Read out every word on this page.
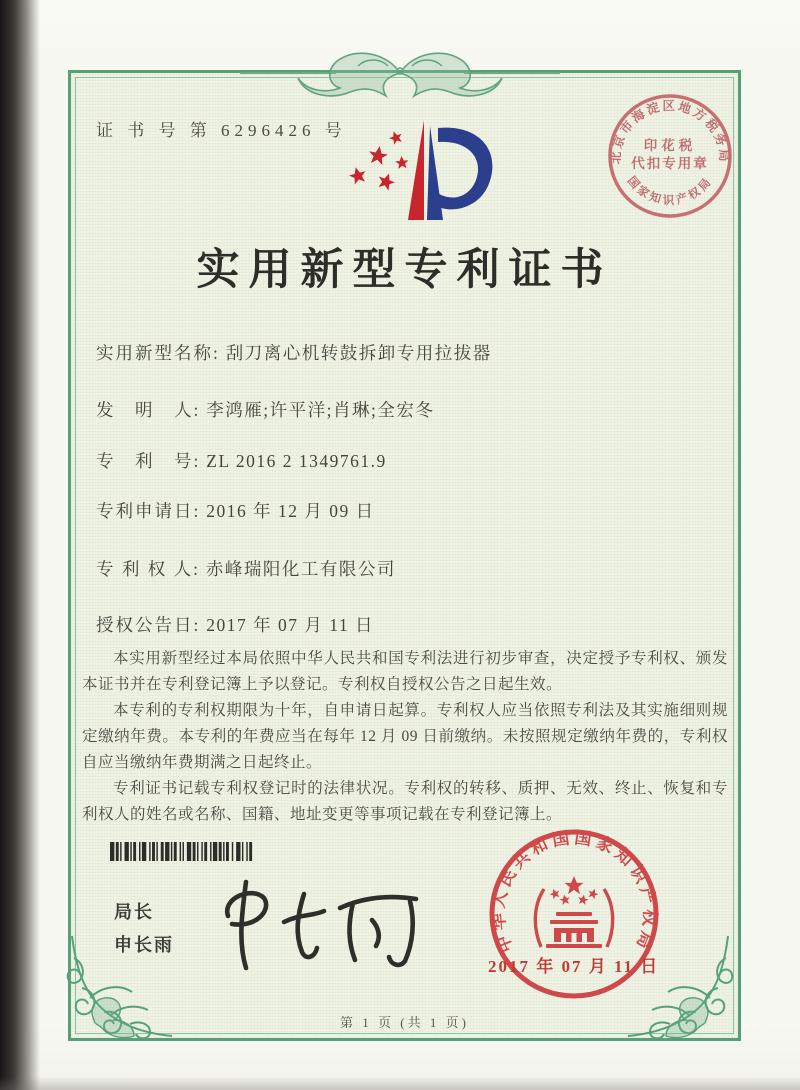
证 书 号 第 6296426 号
北京市海淀区地方税务局
国家知识产权局
印花税
代扣专用章
实用新型专利证书
实用新型名称: 刮刀离心机转鼓拆卸专用拉拔器
发　明　人: 李鸿雁;许平洋;肖琳;全宏冬
专　利　号: ZL 2016 2 1349761.9
专利申请日: 2016 年 12 月 09 日
专 利 权 人: 赤峰瑞阳化工有限公司
授权公告日: 2017 年 07 月 11 日

本实用新型经过本局依照中华人民共和国专利法进行初步审查，决定授予专利权、颁发本证书并在专利登记簿上予以登记。专利权自授权公告之日起生效。

本专利的专利权期限为十年，自申请日起算。专利权人应当依照专利法及其实施细则规定缴纳年费。本专利的年费应当在每年 12 月 09 日前缴纳。未按照规定缴纳年费的，专利权自应当缴纳年费期满之日起终止。

专利证书记载专利权登记时的法律状况。专利权的转移、质押、无效、终止、恢复和专利权人的姓名或名称、国籍、地址变更等事项记载在专利登记簿上。

局长
申长雨	中华人民共和国国家知识产权局
2017 年 07 月 11 日
第 1 页 (共 1 页)
